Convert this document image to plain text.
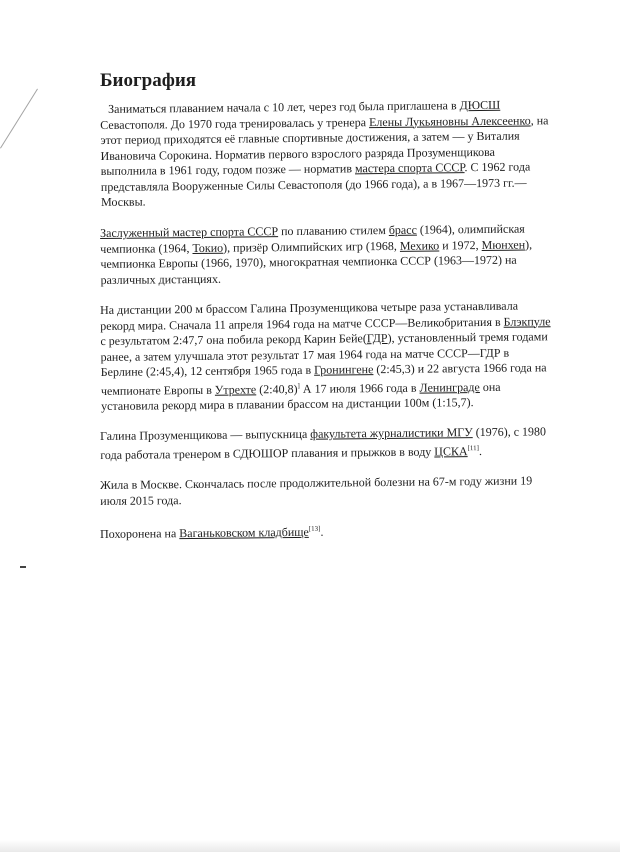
Биография

Заниматься плаванием начала с 10 лет, через год была приглашена в ДЮСШ Севастополя. До 1970 года тренировалась у тренера Елены Лукьяновны Алексеенко, на этот период приходятся её главные спортивные достижения, а затем — у Виталия Ивановича Сорокина. Норматив первого взрослого разряда Прозуменщикова выполнила в 1961 году, годом позже — норматив мастера спорта СССР. С 1962 года представляла Вооруженные Силы Севастополя (до 1966 года), а в 1967—1973 гг.— Москвы.

Заслуженный мастер спорта СССР по плаванию стилем брасс (1964), олимпийская чемпионка (1964, Токио), призёр Олимпийских игр (1968, Мехико и 1972, Мюнхен), чемпионка Европы (1966, 1970), многократная чемпионка СССР (1963—1972) на различных дистанциях.

На дистанции 200 м брассом Галина Прозуменщикова четыре раза устанавливала рекорд мира. Сначала 11 апреля 1964 года на матче СССР—Великобритания в Блэкпуле с результатом 2:47,7 она побила рекорд Карин Бейе(ГДР), установленный тремя годами ранее, а затем улучшала этот результат 17 мая 1964 года на матче СССР—ГДР в Берлине (2:45,4), 12 сентября 1965 года в Гронингене (2:45,3) и 22 августа 1966 года на чемпионате Европы в Утрехте (2:40,8)] А 17 июля 1966 года в Ленинграде она установила рекорд мира в плавании брассом на дистанции 100м (1:15,7).

Галина Прозуменщикова — выпускница факультета журналистики МГУ (1976), с 1980 года работала тренером в СДЮШОР плавания и прыжков в воду ЦСКА[11].

Жила в Москве. Скончалась после продолжительной болезни на 67-м году жизни 19 июля 2015 года.

Похоронена на Ваганьковском кладбище[13].
